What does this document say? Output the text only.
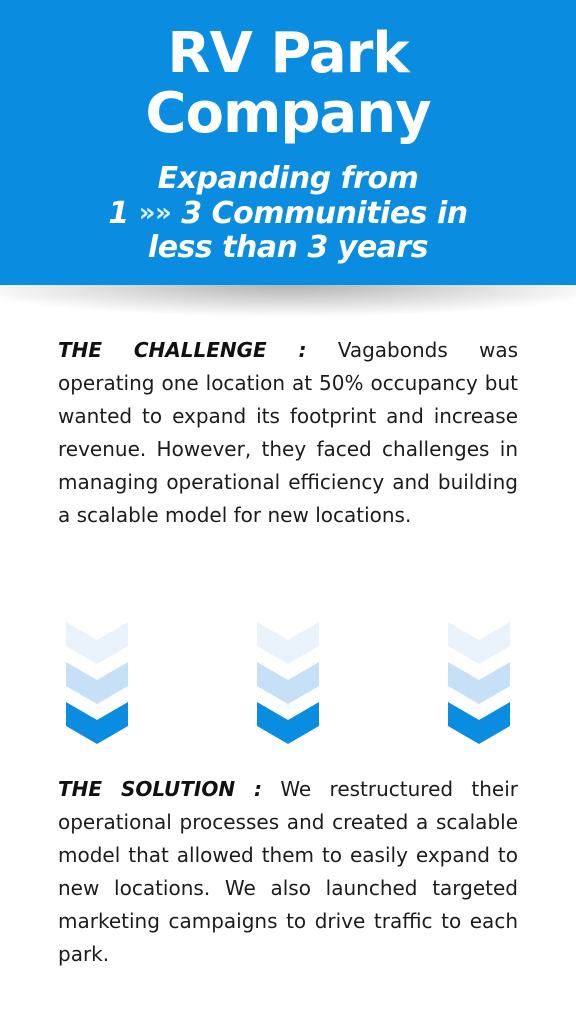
RV Park
Company
Expanding from
1 »» 3 Communities in
less than 3 years
THE CHALLENGE : Vagabonds was operating one location at 50% occupancy but wanted to expand its footprint and increase revenue. However, they faced challenges in managing operational efficiency and building a scalable model for new locations.
THE SOLUTION : We restructured their operational processes and created a scalable model that allowed them to easily expand to new locations. We also launched targeted marketing campaigns to drive traffic to each park.
